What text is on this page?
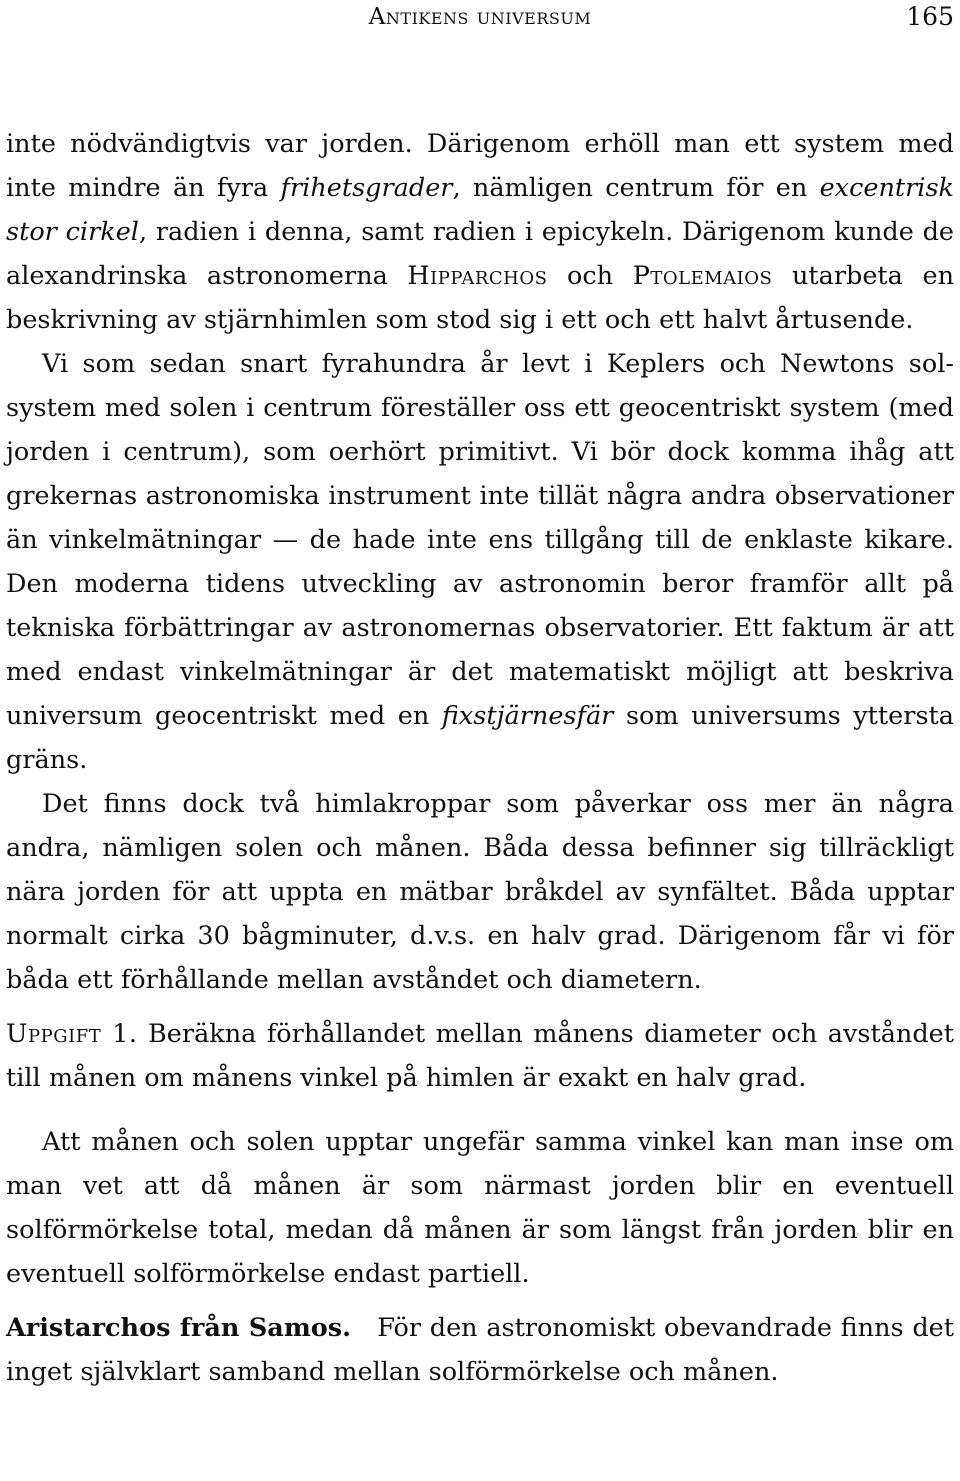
Antikens universum	165

inte nödvändigtvis var jorden. Därigenom erhöll man ett system med inte mindre än fyra frihetsgrader, nämligen centrum för en excentrisk stor cirkel, radien i denna, samt radien i epicykeln. Därigenom kunde de alexandrinska astronomerna Hipparchos och Ptolemaios utarbeta en beskrivning av stjärnhimlen som stod sig i ett och ett halvt årtusende.

Vi som sedan snart fyrahundra år levt i Keplers och Newtons solsystem med solen i centrum föreställer oss ett geocentriskt system (med jorden i centrum), som oerhört primitivt. Vi bör dock komma ihåg att grekernas astronomiska instrument inte tillät några andra observationer än vinkelmätningar — de hade inte ens tillgång till de enklaste kikare. Den moderna tidens utveckling av astronomin beror framför allt på tekniska förbättringar av astronomernas observatorier. Ett faktum är att med endast vinkelmätningar är det matematiskt möjligt att beskriva universum geocentriskt med en fixstjärnesfär som universums yttersta gräns.

Det finns dock två himlakroppar som påverkar oss mer än några andra, nämligen solen och månen. Båda dessa befinner sig tillräckligt nära jorden för att uppta en mätbar bråkdel av synfältet. Båda upptar normalt cirka 30 bågminuter, d.v.s. en halv grad. Därigenom får vi för båda ett förhållande mellan avståndet och diametern.

Uppgift 1. Beräkna förhållandet mellan månens diameter och avståndet till månen om månens vinkel på himlen är exakt en halv grad.

Att månen och solen upptar ungefär samma vinkel kan man inse om man vet att då månen är som närmast jorden blir en eventuell solförmörkelse total, medan då månen är som längst från jorden blir en eventuell solförmörkelse endast partiell.

Aristarchos från Samos. För den astronomiskt obevandrade finns det inget självklart samband mellan solförmörkelse och månen.
